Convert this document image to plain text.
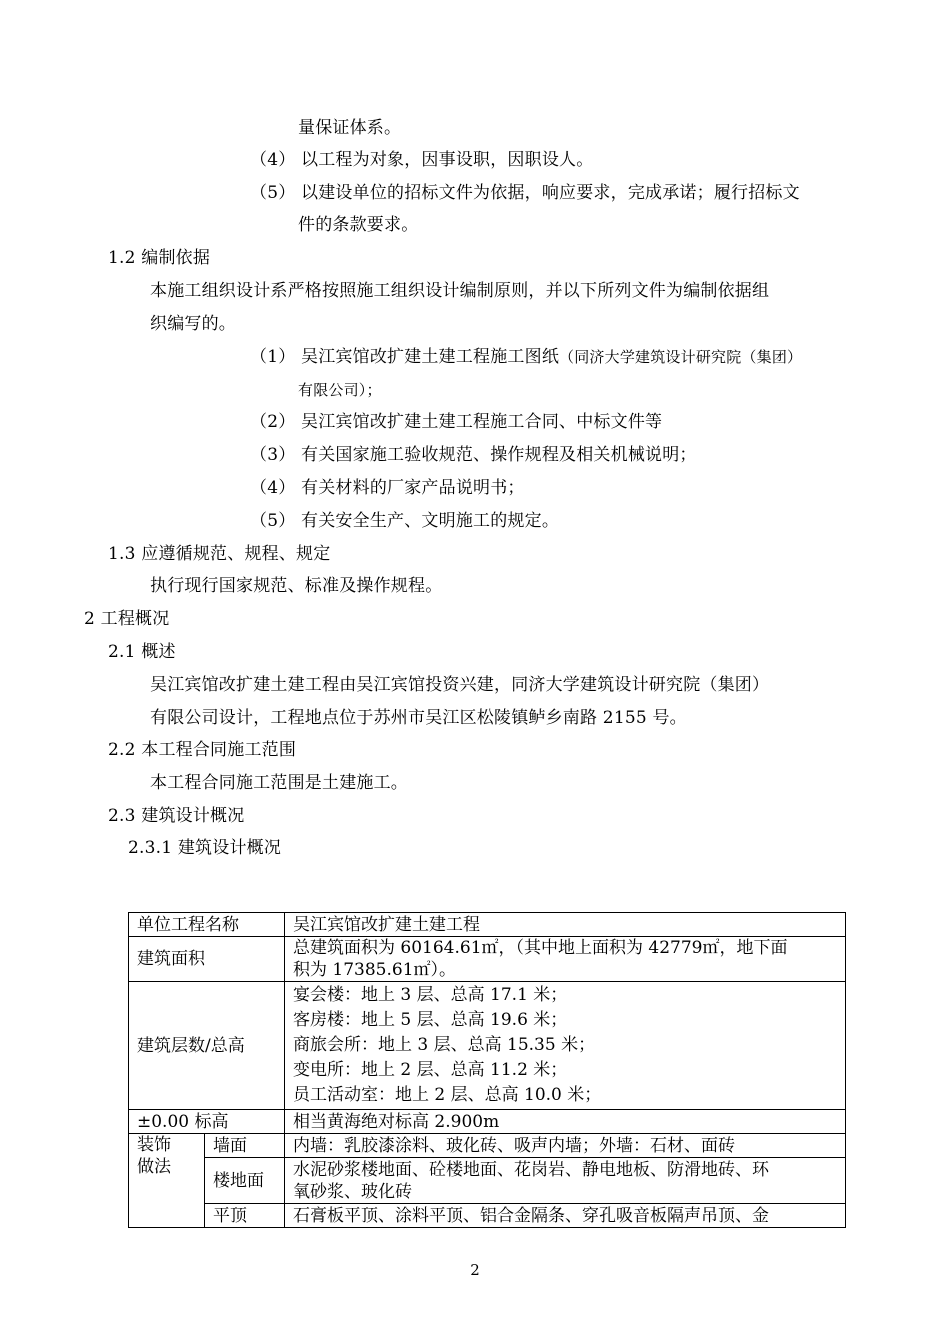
量保证体系。
（4） 以工程为对象，因事设职，因职设人。
（5） 以建设单位的招标文件为依据，响应要求，完成承诺；履行招标文
件的条款要求。
1.2 编制依据
本施工组织设计系严格按照施工组织设计编制原则，并以下所列文件为编制依据组
织编写的。
（1） 吴江宾馆改扩建土建工程施工图纸（同济大学建筑设计研究院（集团）
有限公司）；
（2） 吴江宾馆改扩建土建工程施工合同、中标文件等
（3） 有关国家施工验收规范、操作规程及相关机械说明；
（4） 有关材料的厂家产品说明书；
（5） 有关安全生产、文明施工的规定。
1.3 应遵循规范、规程、规定
执行现行国家规范、标准及操作规程。
2 工程概况
2.1 概述
吴江宾馆改扩建土建工程由吴江宾馆投资兴建，同济大学建筑设计研究院（集团）
有限公司设计，工程地点位于苏州市吴江区松陵镇鲈乡南路 2155 号。
2.2 本工程合同施工范围
本工程合同施工范围是土建施工。
2.3 建筑设计概况
2.3.1 建筑设计概况
单位工程名称		吴江宾馆改扩建土建工程
建筑面积		总建筑面积为 60164.61㎡，（其中地上面积为 42779㎡，地下面
积为 17385.61㎡）。

建筑层数/总高		宴会楼：地上 3 层、总高 17.1 米；
客房楼：地上 5 层、总高 19.6 米；
商旅会所：地上 3 层、总高 15.35 米；
变电所：地上 2 层、总高 11.2 米；
员工活动室：地上 2 层、总高 10.0 米；

±0.00 标高		相当黄海绝对标高 2.900m

装饰
做法	墙面	内墙：乳胶漆涂料、玻化砖、吸声内墙；外墙：石材、面砖
	楼地面	水泥砂浆楼地面、砼楼地面、花岗岩、静电地板、防滑地砖、环
氧砂浆、玻化砖

	平顶	石膏板平顶、涂料平顶、铝合金隔条、穿孔吸音板隔声吊顶、金
2
